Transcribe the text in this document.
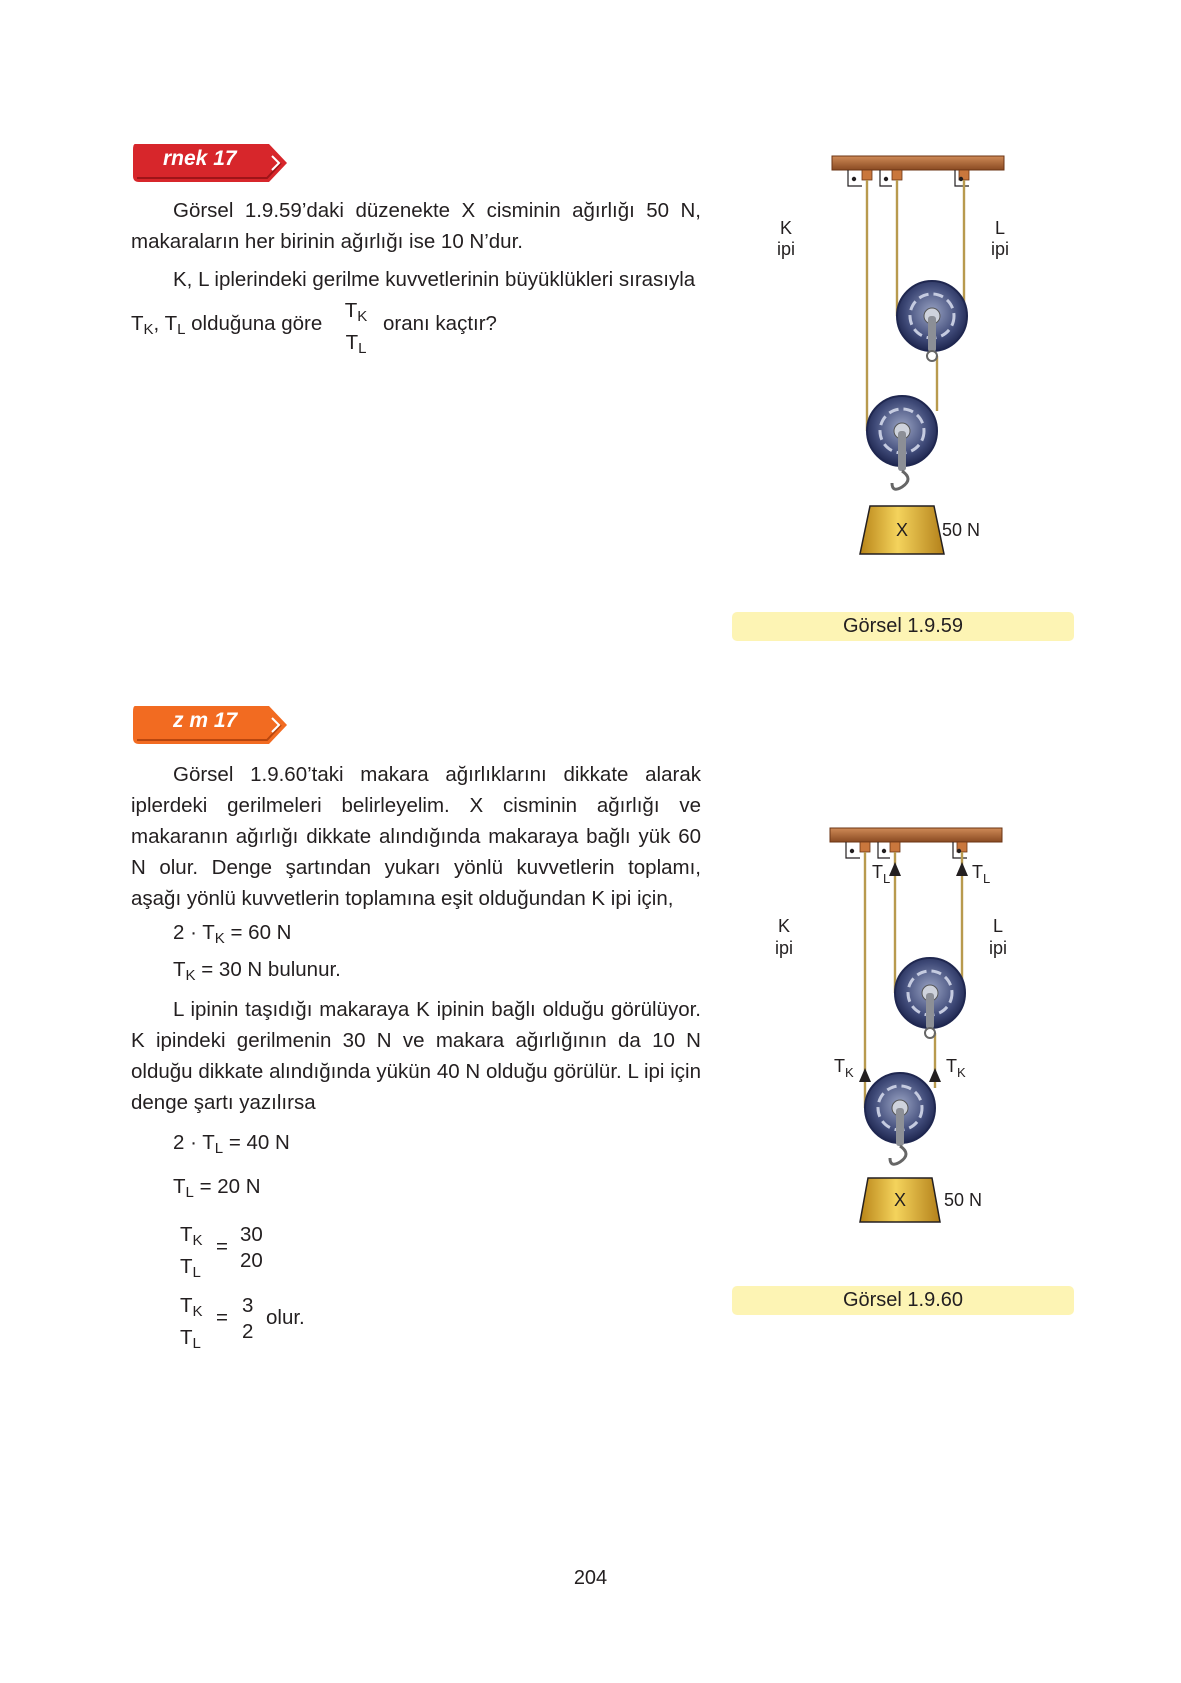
rnek 17

Görsel 1.9.59’daki düzenekte X cisminin ağırlığı 50 N, makaraların her birinin ağırlığı ise 10 N’dur.

K, L iplerindeki gerilme kuvvetlerinin büyüklükleri sırasıyla

$T_K$, $T_L$ olduğuna göre
$T_K$
$T_L$
oranı kaçtır?
X 50 N
K
ipi
L
ipi
Görsel 1.9.59
z m 17

Görsel 1.9.60’taki makara ağırlıklarını dikkate alarak iplerdeki gerilmeleri belirleyelim. X cisminin ağırlığı ve makaranın ağırlığı dikkate alındığında makaraya bağlı yük 60 N olur. Denge şartından yukarı yönlü kuvvetlerin toplamı, aşağı yönlü kuvvetlerin toplamına eşit olduğundan K ipi için,

$2 \cdot T_K = 60$ N
$T_K = 30$ N bulunur.

L ipinin taşıdığı makaraya K ipinin bağlı olduğu görülüyor. K ipindeki gerilmenin 30 N ve makara ağırlığının da 10 N olduğu dikkate alındığında yükün 40 N olduğu görülür. L ipi için denge şartı yazılırsa

$2 \cdot T_L = 40$ N
$T_L = 20$ N
$T_K$
$T_L$
=
30
20
$T_K$
$T_L$
=
3
2
olur.
X 50 N
K
ipi
L
ipi
T L	T L
T K	T K
Görsel 1.9.60
204
